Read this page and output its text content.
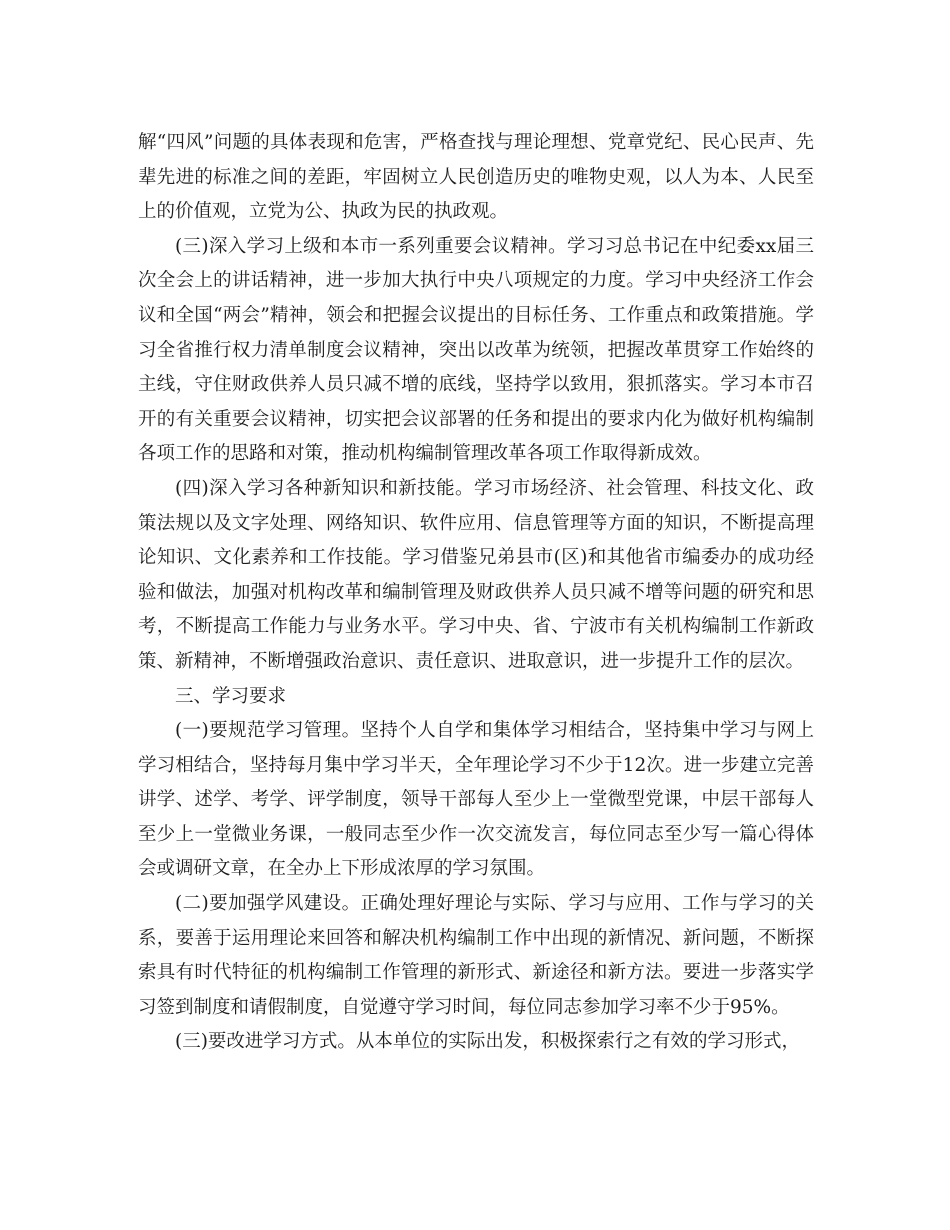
解“四风”问题的具体表现和危害，严格查找与理论理想、党章党纪、民心民声、先辈先进的标准之间的差距，牢固树立人民创造历史的唯物史观，以人为本、人民至上的价值观，立党为公、执政为民的执政观。

(三)深入学习上级和本市一系列重要会议精神。学习习总书记在中纪委xx届三次全会上的讲话精神，进一步加大执行中央八项规定的力度。学习中央经济工作会议和全国“两会”精神，领会和把握会议提出的目标任务、工作重点和政策措施。学习全省推行权力清单制度会议精神，突出以改革为统领，把握改革贯穿工作始终的主线，守住财政供养人员只减不增的底线，坚持学以致用，狠抓落实。学习本市召开的有关重要会议精神，切实把会议部署的任务和提出的要求内化为做好机构编制各项工作的思路和对策，推动机构编制管理改革各项工作取得新成效。

(四)深入学习各种新知识和新技能。学习市场经济、社会管理、科技文化、政策法规以及文字处理、网络知识、软件应用、信息管理等方面的知识，不断提高理论知识、文化素养和工作技能。学习借鉴兄弟县市(区)和其他省市编委办的成功经验和做法，加强对机构改革和编制管理及财政供养人员只减不增等问题的研究和思考，不断提高工作能力与业务水平。学习中央、省、宁波市有关机构编制工作新政策、新精神，不断增强政治意识、责任意识、进取意识，进一步提升工作的层次。

三、学习要求

(一)要规范学习管理。坚持个人自学和集体学习相结合，坚持集中学习与网上学习相结合，坚持每月集中学习半天，全年理论学习不少于12次。进一步建立完善讲学、述学、考学、评学制度，领导干部每人至少上一堂微型党课，中层干部每人至少上一堂微业务课，一般同志至少作一次交流发言，每位同志至少写一篇心得体会或调研文章，在全办上下形成浓厚的学习氛围。

(二)要加强学风建设。正确处理好理论与实际、学习与应用、工作与学习的关系，要善于运用理论来回答和解决机构编制工作中出现的新情况、新问题，不断探索具有时代特征的机构编制工作管理的新形式、新途径和新方法。要进一步落实学习签到制度和请假制度，自觉遵守学习时间，每位同志参加学习率不少于95%。

(三)要改进学习方式。从本单位的实际出发，积极探索行之有效的学习形式，
